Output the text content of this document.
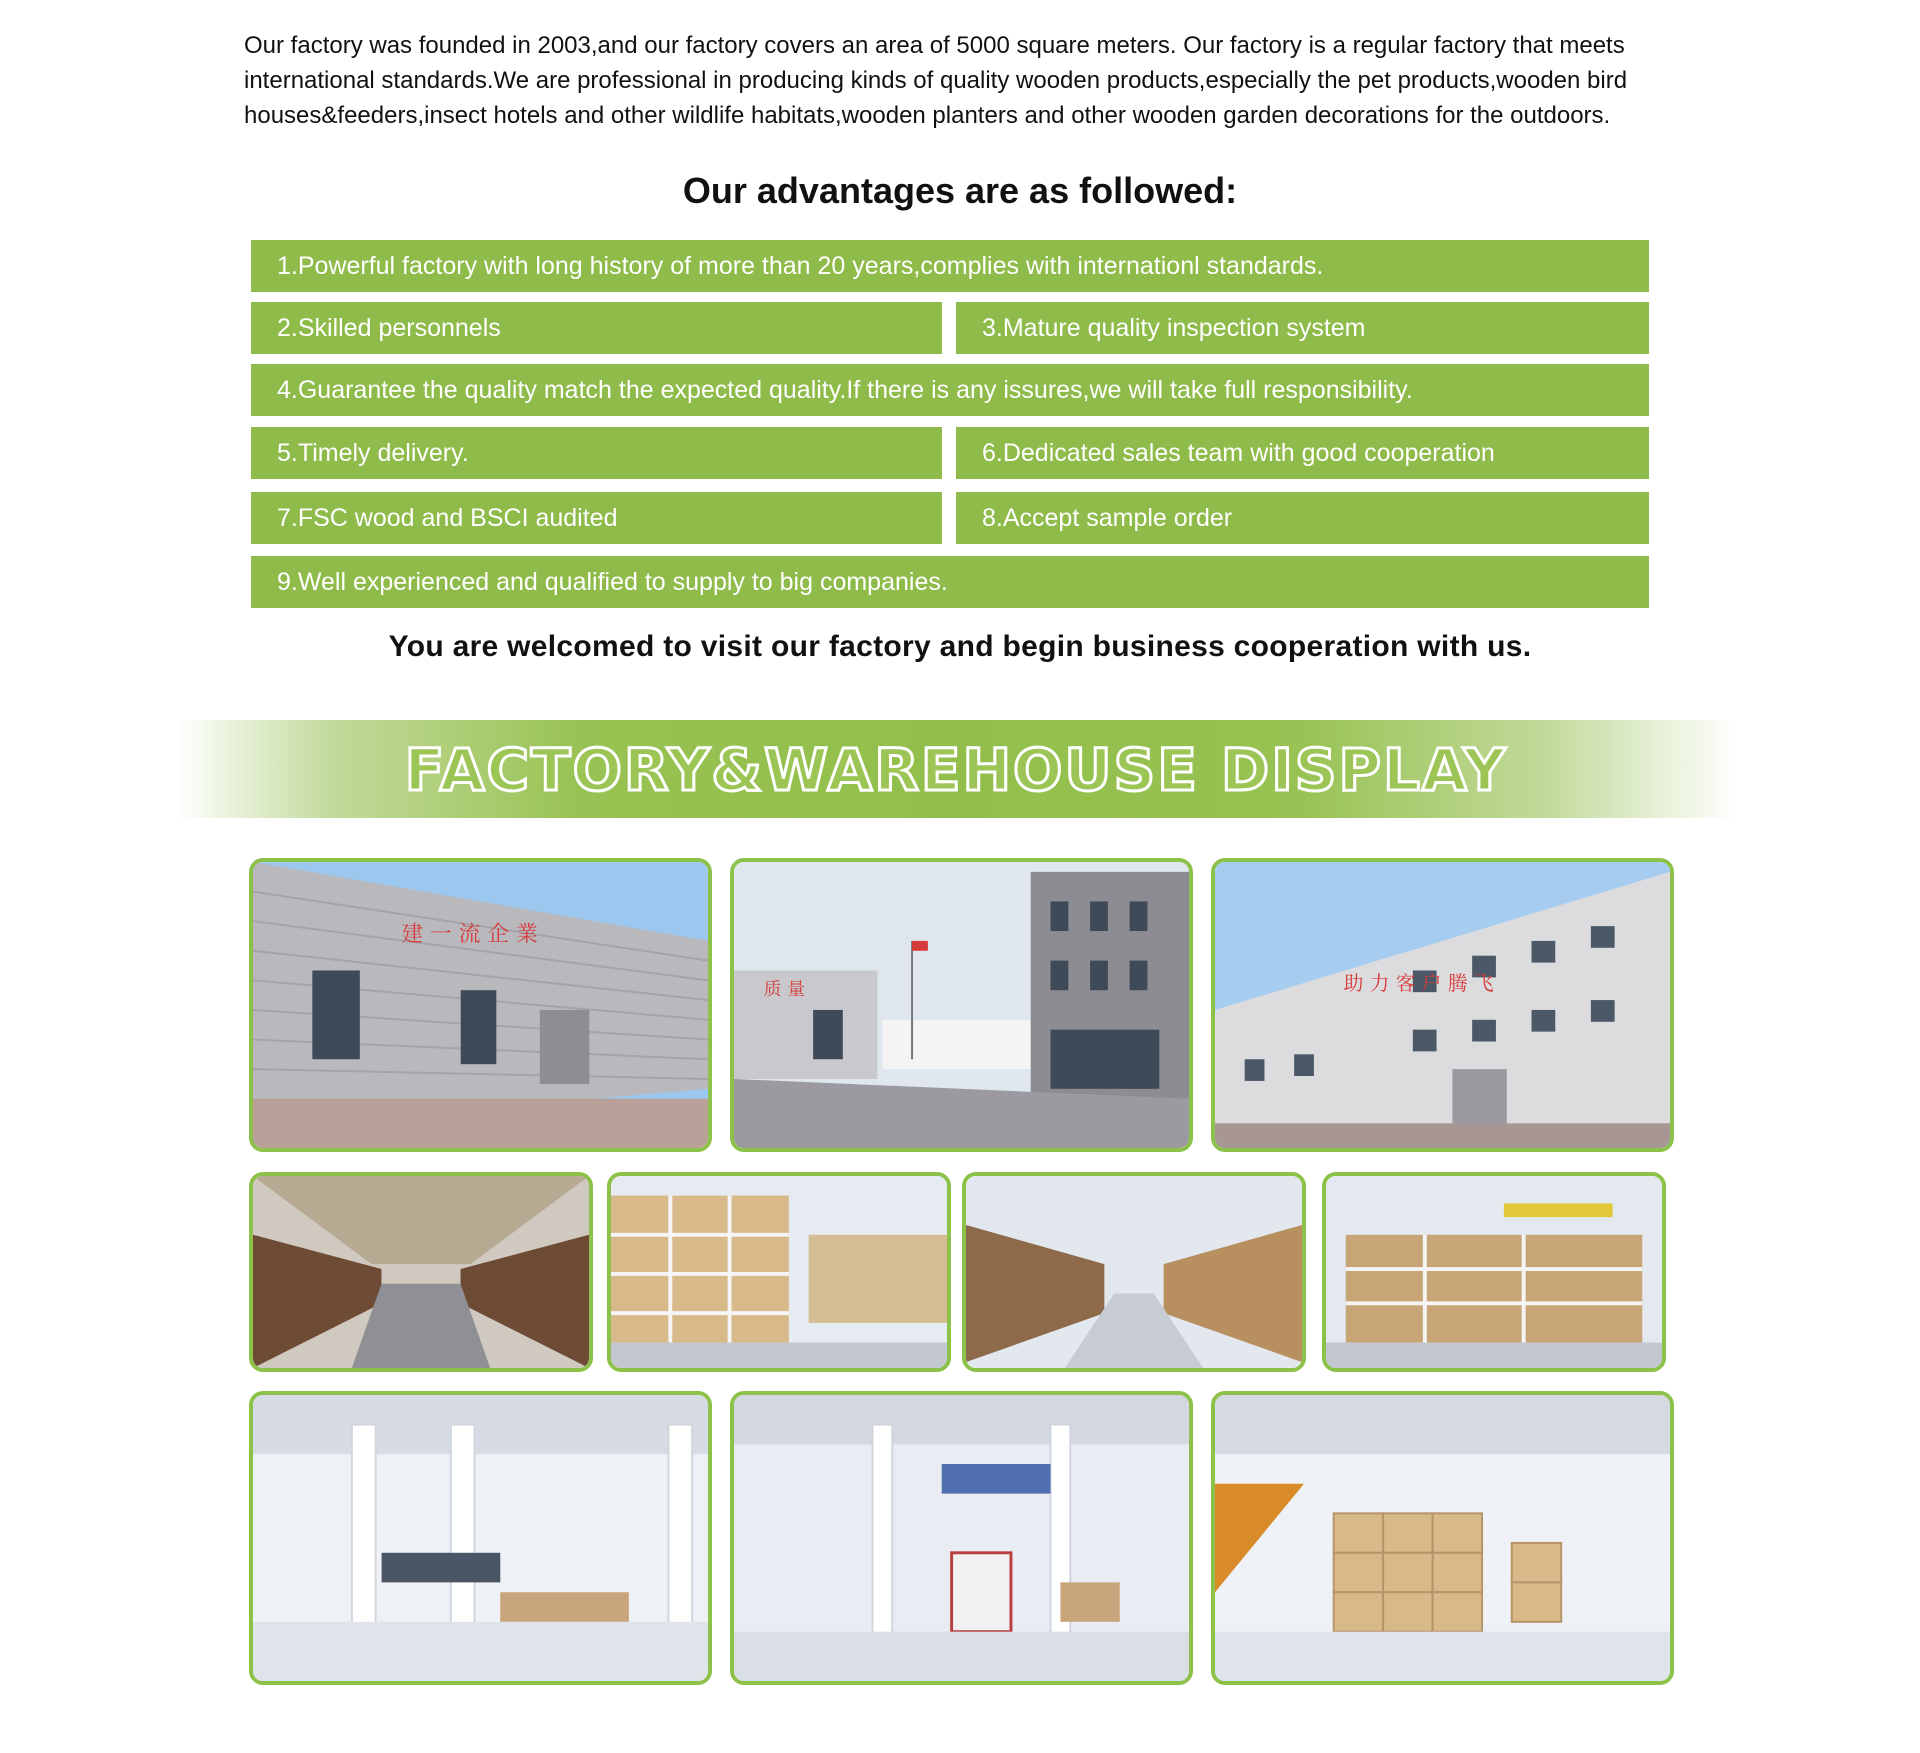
Our factory was founded in 2003,and our factory covers an area of 5000 square meters. Our factory is a regular factory that meets international standards.We are professional in producing kinds of quality wooden products,especially the pet products,wooden bird houses&feeders,insect hotels and other wildlife habitats,wooden planters and other wooden garden decorations for the outdoors.
Our advantages are as followed:
1.Powerful factory with long history of more than 20 years,complies with internationl standards.
2.Skilled personnels	3.Mature quality inspection system
4.Guarantee the quality match the expected quality.If there is any issures,we will take full responsibility.
5.Timely delivery.	6.Dedicated sales team with good cooperation
7.FSC wood and BSCI audited	8.Accept sample order
9.Well experienced and qualified to supply to big companies.
You are welcomed to visit our factory and begin business cooperation with us.
FACTORY&WAREHOUSE DISPLAY
建 一 流 企 業
质 量	助 力 客 户 腾 飞
